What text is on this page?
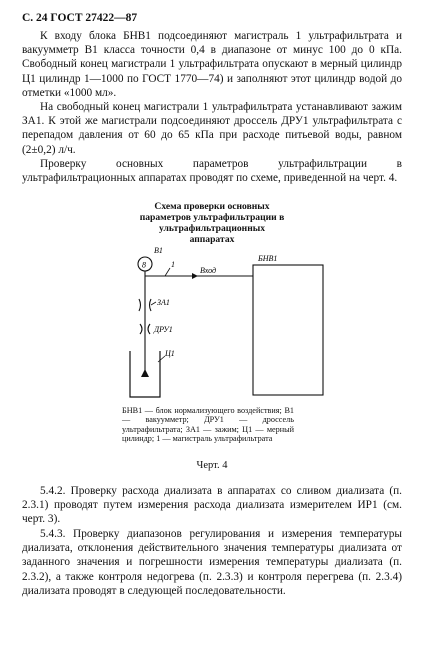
С. 24 ГОСТ 27422—87

К входу блока БНВ1 подсоединяют магистраль 1 ультрафильтрата и вакуумметр В1 класса точности 0,4 в диапазоне от минус 100 до 0 кПа. Свободный конец магистрали 1 ультрафильтрата опускают в мерный цилиндр Ц1 цилиндр 1—1000 по ГОСТ 1770—74) и заполняют этот цилиндр водой до отметки «1000 мл».

На свободный конец магистрали 1 ультрафильтрата устанавливают зажим ЗА1. К этой же магистрали подсоединяют дроссель ДРУ1 ультрафильтрата с перепадом давления от 60 до 65 кПа при расходе питьевой воды, равном (2±0,2) л/ч.

Проверку основных параметров ультрафильтрации в ультрафильтрационных аппаратах проводят по схеме, приведенной на черт. 4.

Схема проверки основных параметров ультрафильтрации в ультрафильтрационных аппаратах
8
В1
1
Вход
БНВ1
ЗА1
ДРУ1
Ц1

БНВ1 — блок нормализующего воздействия; В1 — вакуумметр; ДРУ1 — дроссель ультрафильтрата; ЗА1 — зажим; Ц1 — мерный цилиндр; 1 — магистраль ультрафильтрата

Черт. 4

5.4.2. Проверку расхода диализата в аппаратах со сливом диализата (п. 2.3.1) проводят путем измерения расхода диализата измерителем ИР1 (см. черт. 3).

5.4.3. Проверку диапазонов регулирования и измерения температуры диализата, отклонения действительного значения температуры диализата от заданного значения и погрешности измерения температуры диализата (п. 2.3.2), а также контроля недогрева (п. 2.3.3) и контроля перегрева (п. 2.3.4) диализата проводят в следующей последовательности.
